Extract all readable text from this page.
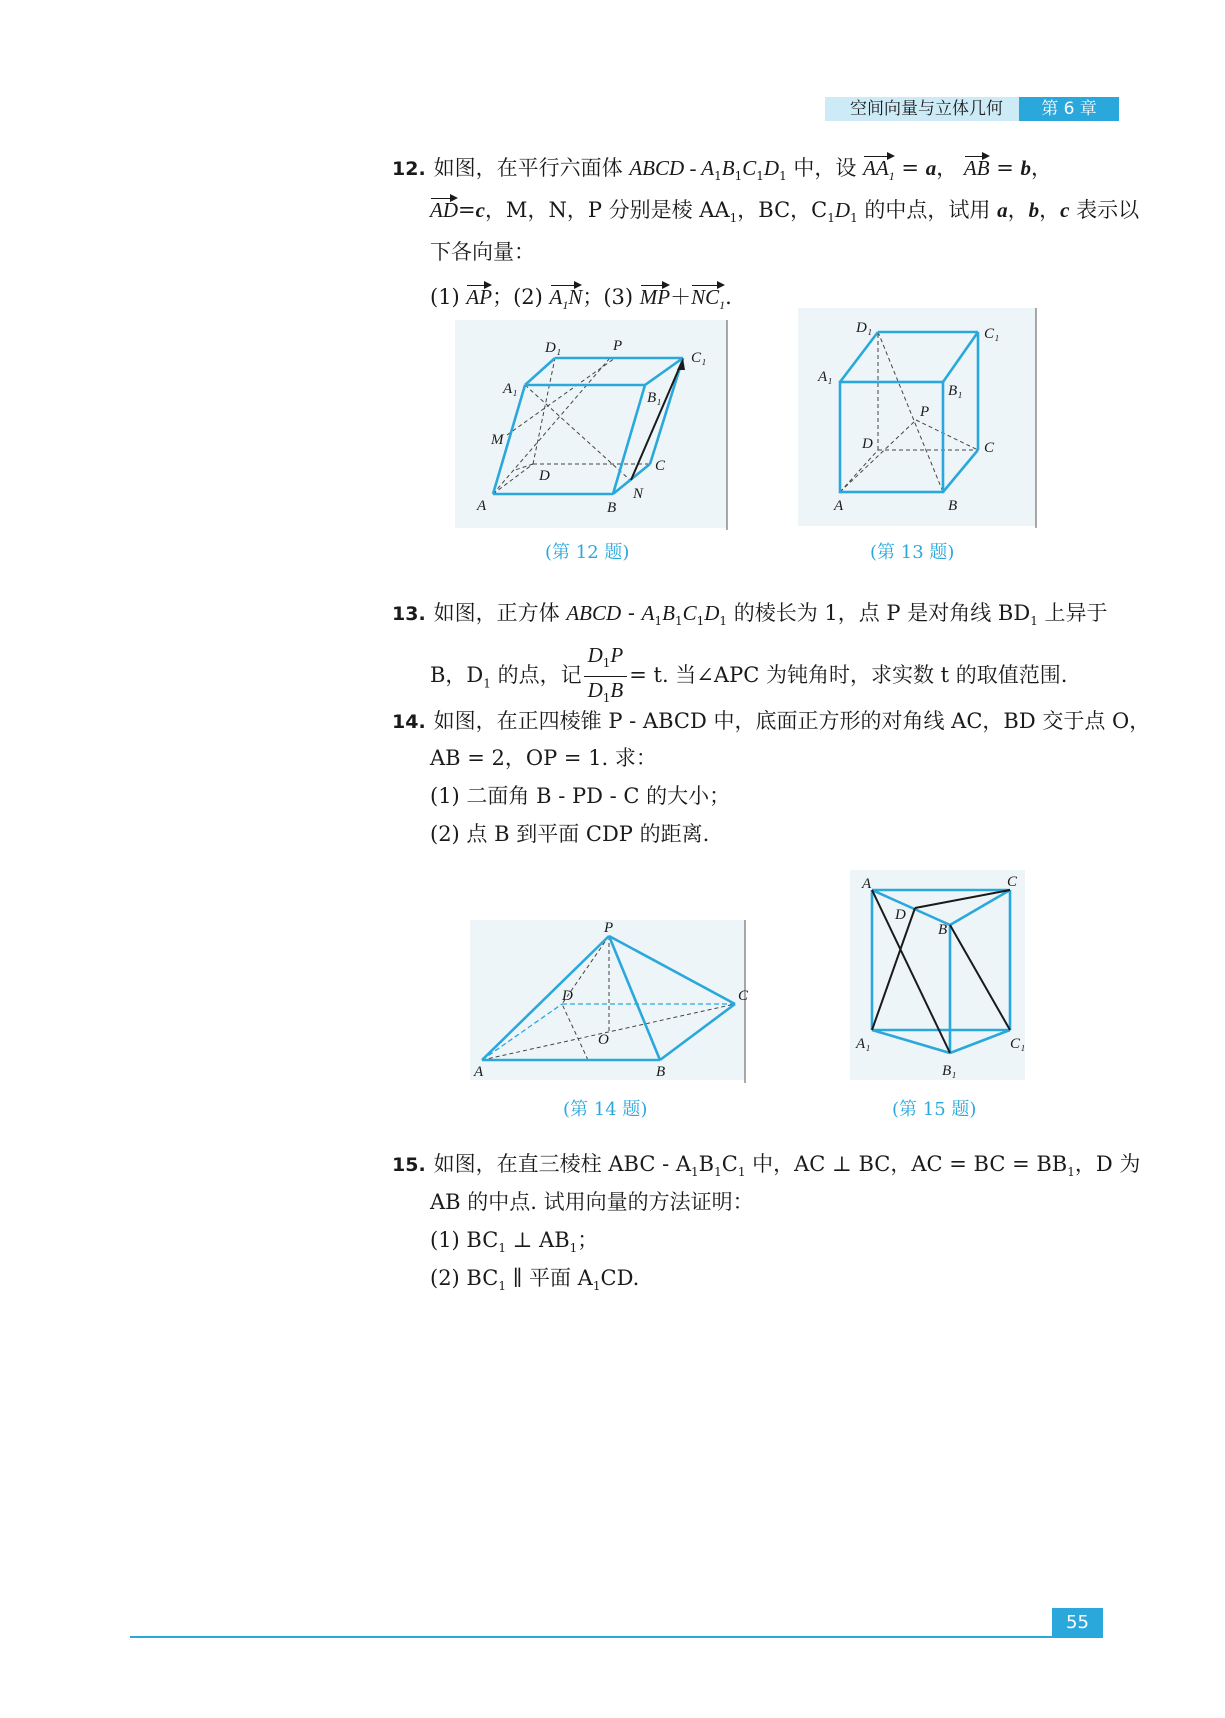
空间向量与立体几何	第 6 章
12. 如图，在平行六面体 ABCD - $A_1B_1C_1D_1$ 中，设 $AA_1 = a$， AB = b，
AD=c，M，N，P 分别是棱 $AA_1$，BC，$C_1D_1$ 的中点，试用 a，b，c 表示以
下各向量：
(1) AP；(2) $A_1N$；(3) $MP+NC_1$.
A	B
C
D
A₁
B₁
C₁
D₁
M
N
P
(第 12 题)
A	B
C
D
A₁
B₁
C₁
D₁
P
(第 13 题)
13. 如图，正方体 ABCD - $A_1B_1C_1D_1$ 的棱长为 1，点 P 是对角线 $BD_1$ 上异于
B，$D_1$ 的点，记 $\frac{D_1P}{D_1B} = t$. 当∠APC 为钝角时，求实数 t 的取值范围.
14. 如图，在正四棱锥 P - ABCD 中，底面正方形的对角线 AC，BD 交于点 O，
AB = 2，OP = 1. 求：
(1) 二面角 B - PD - C 的大小；
(2) 点 B 到平面 CDP 的距离.
A	B
C
D
O
P
(第 14 题)
A
B
C
D
A₁
B₁
C₁
(第 15 题)
15. 如图，在直三棱柱 ABC - $A_1B_1C_1$ 中，AC ⊥ BC，AC = BC = $BB_1$，D 为
AB 的中点. 试用向量的方法证明：
(1) $BC_1$ ⊥ $AB_1$；
(2) $BC_1$ ∥ 平面 $A_1CD$.
55
